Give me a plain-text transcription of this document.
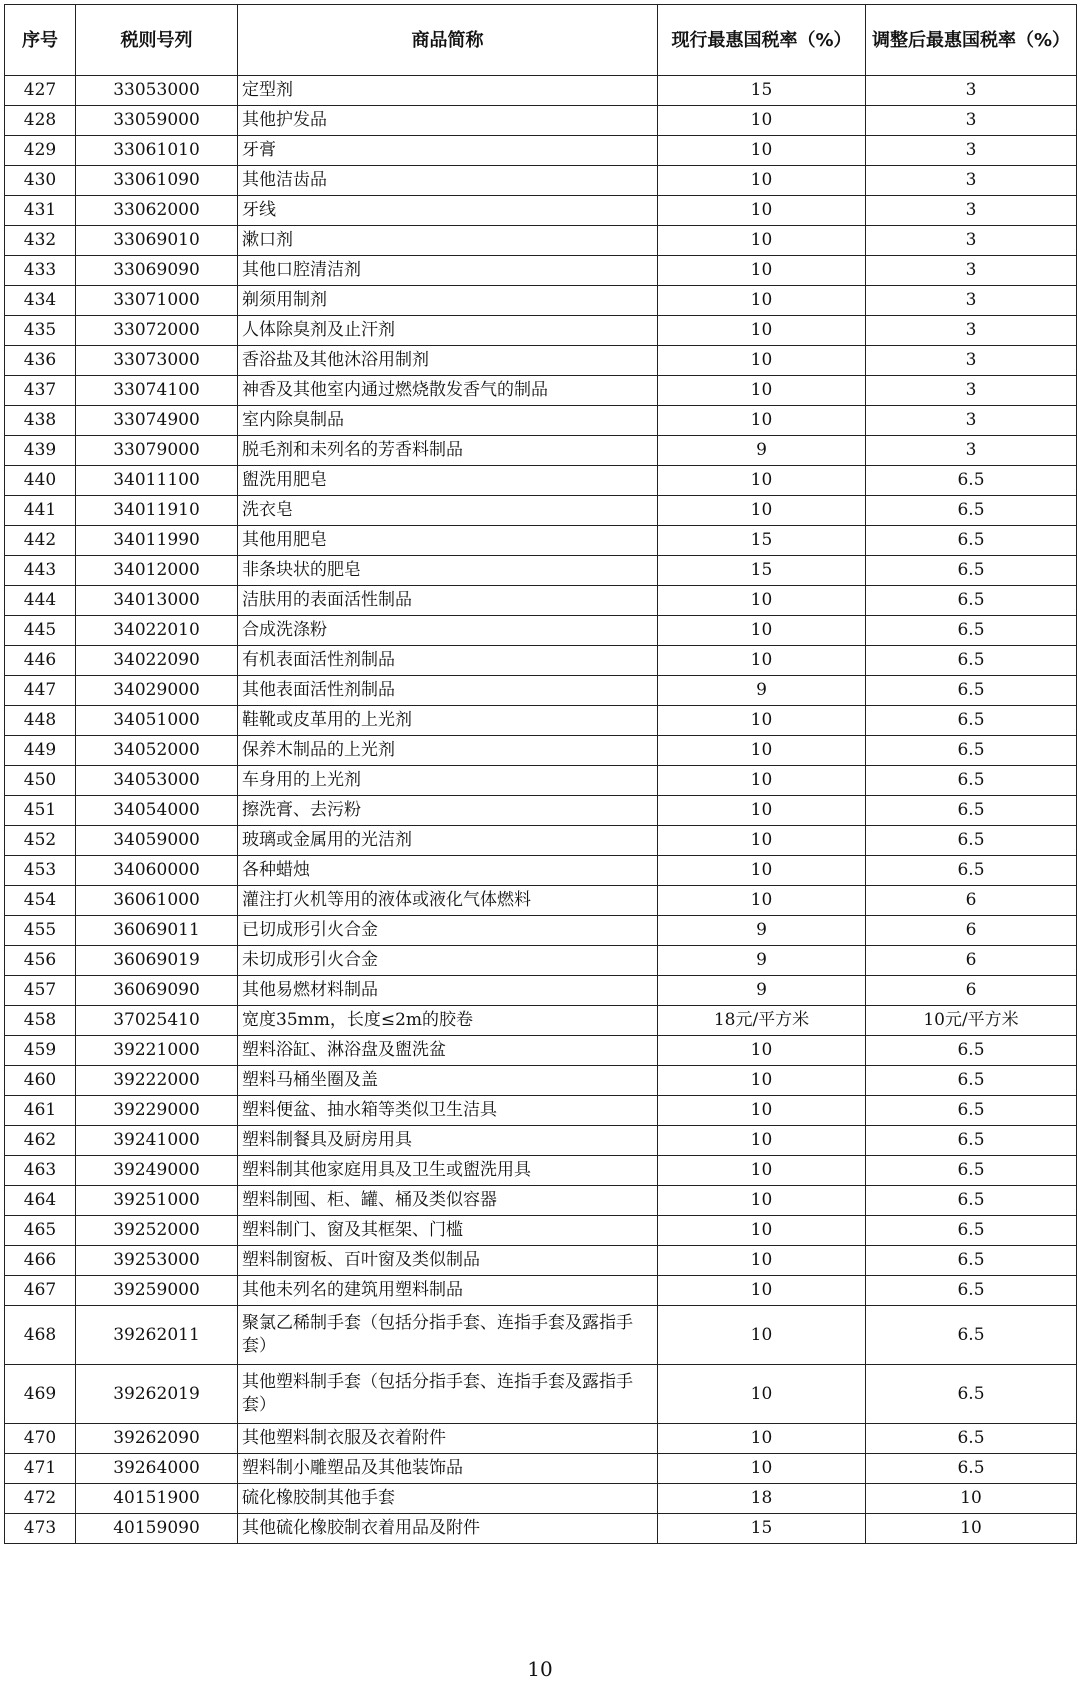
序号	税则号列	商品简称	现行最惠国税率（%）	调整后最惠国税率（%）
427	33053000	定型剂	15	3
428	33059000	其他护发品	10	3
429	33061010	牙膏	10	3
430	33061090	其他洁齿品	10	3
431	33062000	牙线	10	3
432	33069010	漱口剂	10	3
433	33069090	其他口腔清洁剂	10	3
434	33071000	剃须用制剂	10	3
435	33072000	人体除臭剂及止汗剂	10	3
436	33073000	香浴盐及其他沐浴用制剂	10	3
437	33074100	神香及其他室内通过燃烧散发香气的制品	10	3
438	33074900	室内除臭制品	10	3
439	33079000	脱毛剂和未列名的芳香料制品	9	3
440	34011100	盥洗用肥皂	10	6.5
441	34011910	洗衣皂	10	6.5
442	34011990	其他用肥皂	15	6.5
443	34012000	非条块状的肥皂	15	6.5
444	34013000	洁肤用的表面活性制品	10	6.5
445	34022010	合成洗涤粉	10	6.5
446	34022090	有机表面活性剂制品	10	6.5
447	34029000	其他表面活性剂制品	9	6.5
448	34051000	鞋靴或皮革用的上光剂	10	6.5
449	34052000	保养木制品的上光剂	10	6.5
450	34053000	车身用的上光剂	10	6.5
451	34054000	擦洗膏、去污粉	10	6.5
452	34059000	玻璃或金属用的光洁剂	10	6.5
453	34060000	各种蜡烛	10	6.5
454	36061000	灌注打火机等用的液体或液化气体燃料	10	6
455	36069011	已切成形引火合金	9	6
456	36069019	未切成形引火合金	9	6
457	36069090	其他易燃材料制品	9	6
458	37025410	宽度35mm，长度≤2m的胶卷	18元/平方米	10元/平方米
459	39221000	塑料浴缸、淋浴盘及盥洗盆	10	6.5
460	39222000	塑料马桶坐圈及盖	10	6.5
461	39229000	塑料便盆、抽水箱等类似卫生洁具	10	6.5
462	39241000	塑料制餐具及厨房用具	10	6.5
463	39249000	塑料制其他家庭用具及卫生或盥洗用具	10	6.5
464	39251000	塑料制囤、柜、罐、桶及类似容器	10	6.5
465	39252000	塑料制门、窗及其框架、门槛	10	6.5
466	39253000	塑料制窗板、百叶窗及类似制品	10	6.5
467	39259000	其他未列名的建筑用塑料制品	10	6.5
468	39262011	聚氯乙稀制手套（包括分指手套、连指手套及露指手套）	10	6.5
469	39262019	其他塑料制手套（包括分指手套、连指手套及露指手套）	10	6.5
470	39262090	其他塑料制衣服及衣着附件	10	6.5
471	39264000	塑料制小雕塑品及其他装饰品	10	6.5
472	40151900	硫化橡胶制其他手套	18	10
473	40159090	其他硫化橡胶制衣着用品及附件	15	10
10
